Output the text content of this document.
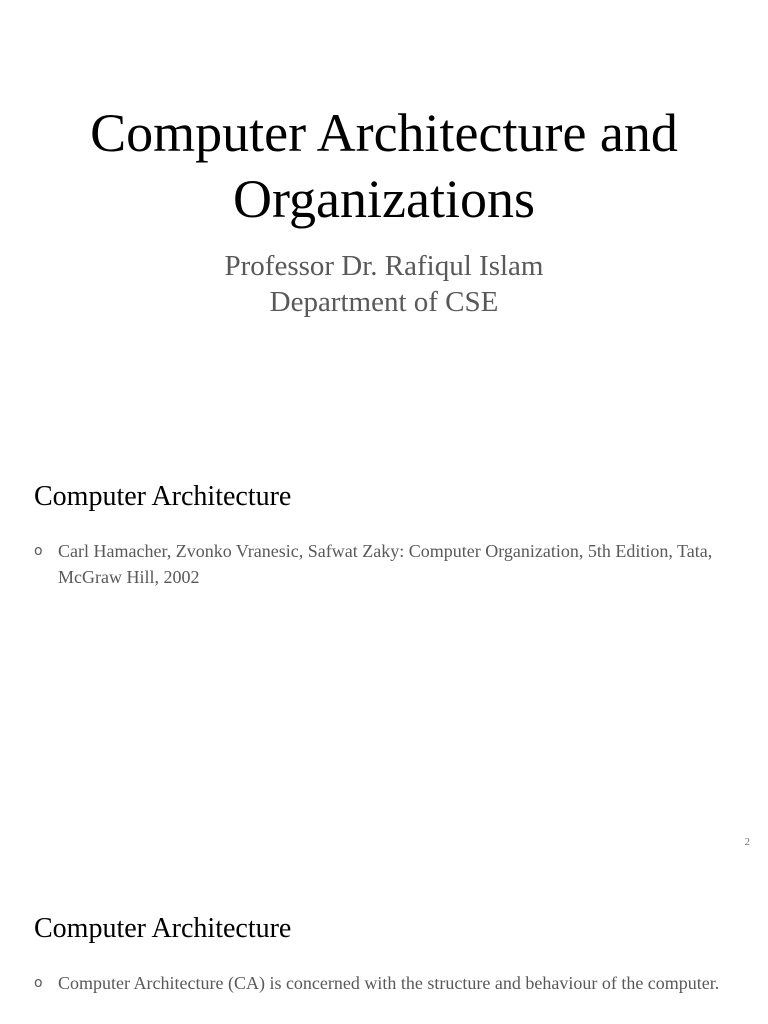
Computer Architecture and
Organizations

Professor Dr. Rafiqul Islam
Department of CSE

Computer Architecture
o Carl Hamacher, Zvonko Vranesic, Safwat Zaky: Computer Organization, 5th Edition, Tata, McGraw Hill, 2002
2
Computer Architecture
o Computer Architecture (CA) is concerned with the structure and behaviour of the computer.
